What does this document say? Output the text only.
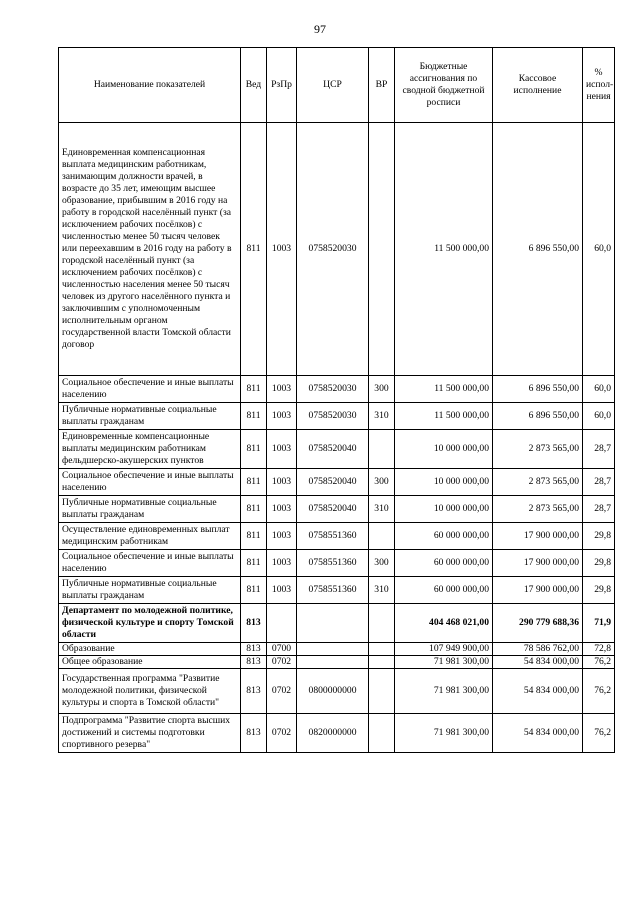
97
Наименование показателей	Вед	РзПр	ЦСР	ВР	Бюджетные ассигнования по сводной бюджетной росписи	Кассовое исполнение	% испол-нения
Единовременная компенсационная выплата медицинским работникам, занимающим должности врачей, в возрасте до 35 лет, имеющим высшее образование, прибывшим в 2016 году на работу в городской населённый пункт (за исключением рабочих посёлков) с численностью менее 50 тысяч человек или переехавшим в 2016 году на работу в городской населённый пункт (за исключением рабочих посёлков) с численностью населения менее 50 тысяч человек из другого населённого пункта и заключившим с уполномоченным исполнительным органом государственной власти Томской области договор	811	1003	0758520030		11 500 000,00	6 896 550,00	60,0
Социальное обеспечение и иные выплаты населению	811	1003	0758520030	300	11 500 000,00	6 896 550,00	60,0
Публичные нормативные социальные выплаты гражданам	811	1003	0758520030	310	11 500 000,00	6 896 550,00	60,0
Единовременные компенсационные выплаты медицинским работникам фельдшерско-акушерских пунктов	811	1003	0758520040		10 000 000,00	2 873 565,00	28,7
Социальное обеспечение и иные выплаты населению	811	1003	0758520040	300	10 000 000,00	2 873 565,00	28,7
Публичные нормативные социальные выплаты гражданам	811	1003	0758520040	310	10 000 000,00	2 873 565,00	28,7
Осуществление единовременных выплат медицинским работникам	811	1003	0758551360		60 000 000,00	17 900 000,00	29,8
Социальное обеспечение и иные выплаты населению	811	1003	0758551360	300	60 000 000,00	17 900 000,00	29,8
Публичные нормативные социальные выплаты гражданам	811	1003	0758551360	310	60 000 000,00	17 900 000,00	29,8
Департамент по молодежной политике, физической культуре и спорту Томской области	813				404 468 021,00	290 779 688,36	71,9
Образование	813	0700			107 949 900,00	78 586 762,00	72,8
Общее образование	813	0702			71 981 300,00	54 834 000,00	76,2
Государственная программа "Развитие молодежной политики, физической культуры и спорта в Томской области"	813	0702	0800000000		71 981 300,00	54 834 000,00	76,2
Подпрограмма "Развитие спорта высших достижений и системы подготовки спортивного резерва"	813	0702	0820000000		71 981 300,00	54 834 000,00	76,2
